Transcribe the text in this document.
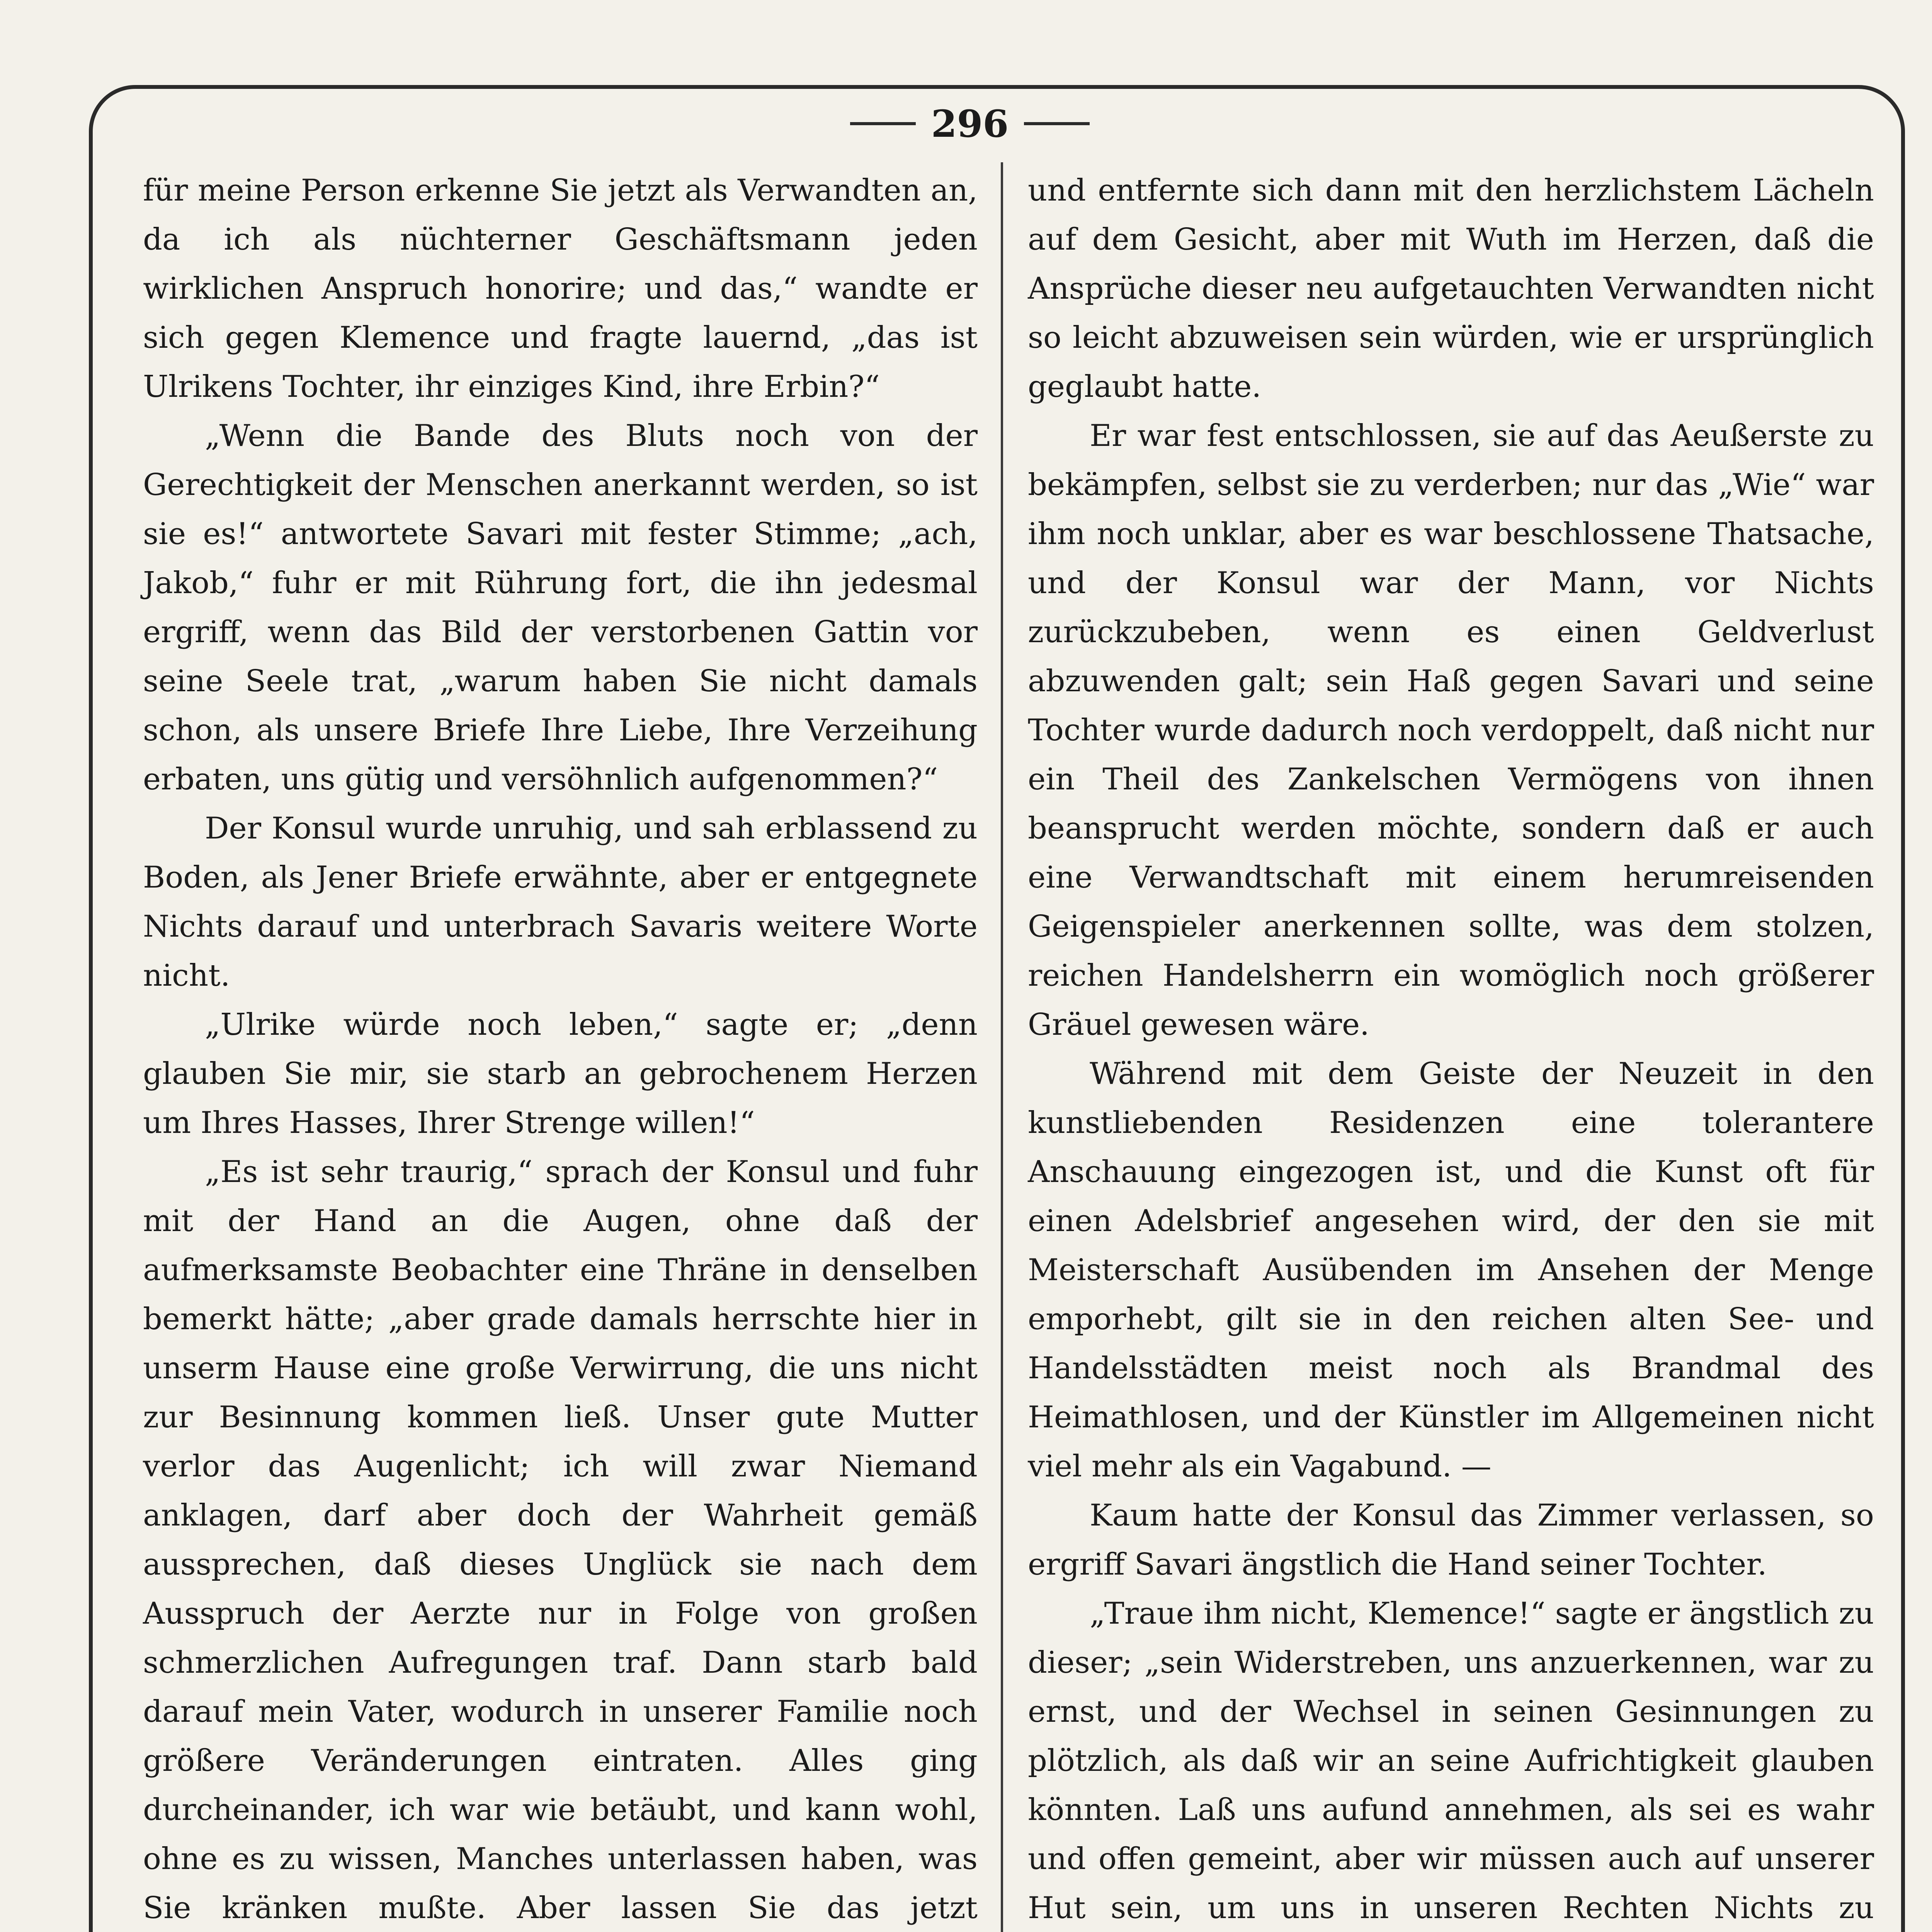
296

für meine Person erkenne Sie jetzt als Verwandten an, da ich als nüchterner Geschäftsmann jeden wirklichen Anspruch honorire; und das,“ wandte er sich gegen Klemence und fragte lauernd, „das ist Ulrikens Tochter, ihr einziges Kind, ihre Erbin?“

„Wenn die Bande des Bluts noch von der Gerechtigkeit der Menschen anerkannt werden, so ist sie es!“ antwortete Savari mit fester Stimme; „ach, Jakob,“ fuhr er mit Rührung fort, die ihn jedesmal ergriff, wenn das Bild der verstorbenen Gattin vor seine Seele trat, „warum haben Sie nicht damals schon, als unsere Briefe Ihre Liebe, Ihre Verzeihung erbaten, uns gütig und versöhnlich aufgenommen?“

Der Konsul wurde unruhig, und sah erblassend zu Boden, als Jener Briefe erwähnte, aber er entgegnete Nichts darauf und unterbrach Savaris weitere Worte nicht.

„Ulrike würde noch leben,“ sagte er; „denn glauben Sie mir, sie starb an gebrochenem Herzen um Ihres Hasses, Ihrer Strenge willen!“

„Es ist sehr traurig,“ sprach der Konsul und fuhr mit der Hand an die Augen, ohne daß der aufmerksamste Beobachter eine Thräne in denselben bemerkt hätte; „aber grade damals herrschte hier in unserm Hause eine große Verwirrung, die uns nicht zur Besinnung kommen ließ. Unser gute Mutter verlor das Augenlicht; ich will zwar Niemand anklagen, darf aber doch der Wahrheit gemäß aussprechen, daß dieses Unglück sie nach dem Ausspruch der Aerzte nur in Folge von großen schmerzlichen Aufregungen traf. Dann starb bald darauf mein Vater, wodurch in unserer Familie noch größere Veränderungen eintraten. Alles ging durcheinander, ich war wie betäubt, und kann wohl, ohne es zu wissen, Manches unterlassen haben, was Sie kränken mußte. Aber lassen Sie das jetzt

und entfernte sich dann mit den herzlichstem Lächeln auf dem Gesicht, aber mit Wuth im Herzen, daß die Ansprüche dieser neu aufgetauchten Verwandten nicht so leicht abzuweisen sein würden, wie er ursprünglich geglaubt hatte.

Er war fest entschlossen, sie auf das Aeußerste zu bekämpfen, selbst sie zu verderben; nur das „Wie“ war ihm noch unklar, aber es war beschlossene Thatsache, und der Konsul war der Mann, vor Nichts zurückzubeben, wenn es einen Geldverlust abzuwenden galt; sein Haß gegen Savari und seine Tochter wurde dadurch noch verdoppelt, daß nicht nur ein Theil des Zankelschen Vermögens von ihnen beansprucht werden möchte, sondern daß er auch eine Verwandtschaft mit einem herumreisenden Geigenspieler anerkennen sollte, was dem stolzen, reichen Handelsherrn ein womöglich noch größerer Gräuel gewesen wäre.

Während mit dem Geiste der Neuzeit in den kunstliebenden Residenzen eine tolerantere Anschauung eingezogen ist, und die Kunst oft für einen Adelsbrief angesehen wird, der den sie mit Meisterschaft Ausübenden im Ansehen der Menge emporhebt, gilt sie in den reichen alten See- und Handelsstädten meist noch als Brandmal des Heimathlosen, und der Künstler im Allgemeinen nicht viel mehr als ein Vagabund. —

Kaum hatte der Konsul das Zimmer verlassen, so ergriff Savari ängstlich die Hand seiner Tochter.

„Traue ihm nicht, Klemence!“ sagte er ängstlich zu dieser; „sein Widerstreben, uns anzuerkennen, war zu ernst, und der Wechsel in seinen Gesinnungen zu plötzlich, als daß wir an seine Aufrichtigkeit glauben könnten. Laß uns aufund annehmen, als sei es wahr und offen gemeint, aber wir müssen auch auf unserer Hut sein, um uns in unseren Rechten Nichts zu
